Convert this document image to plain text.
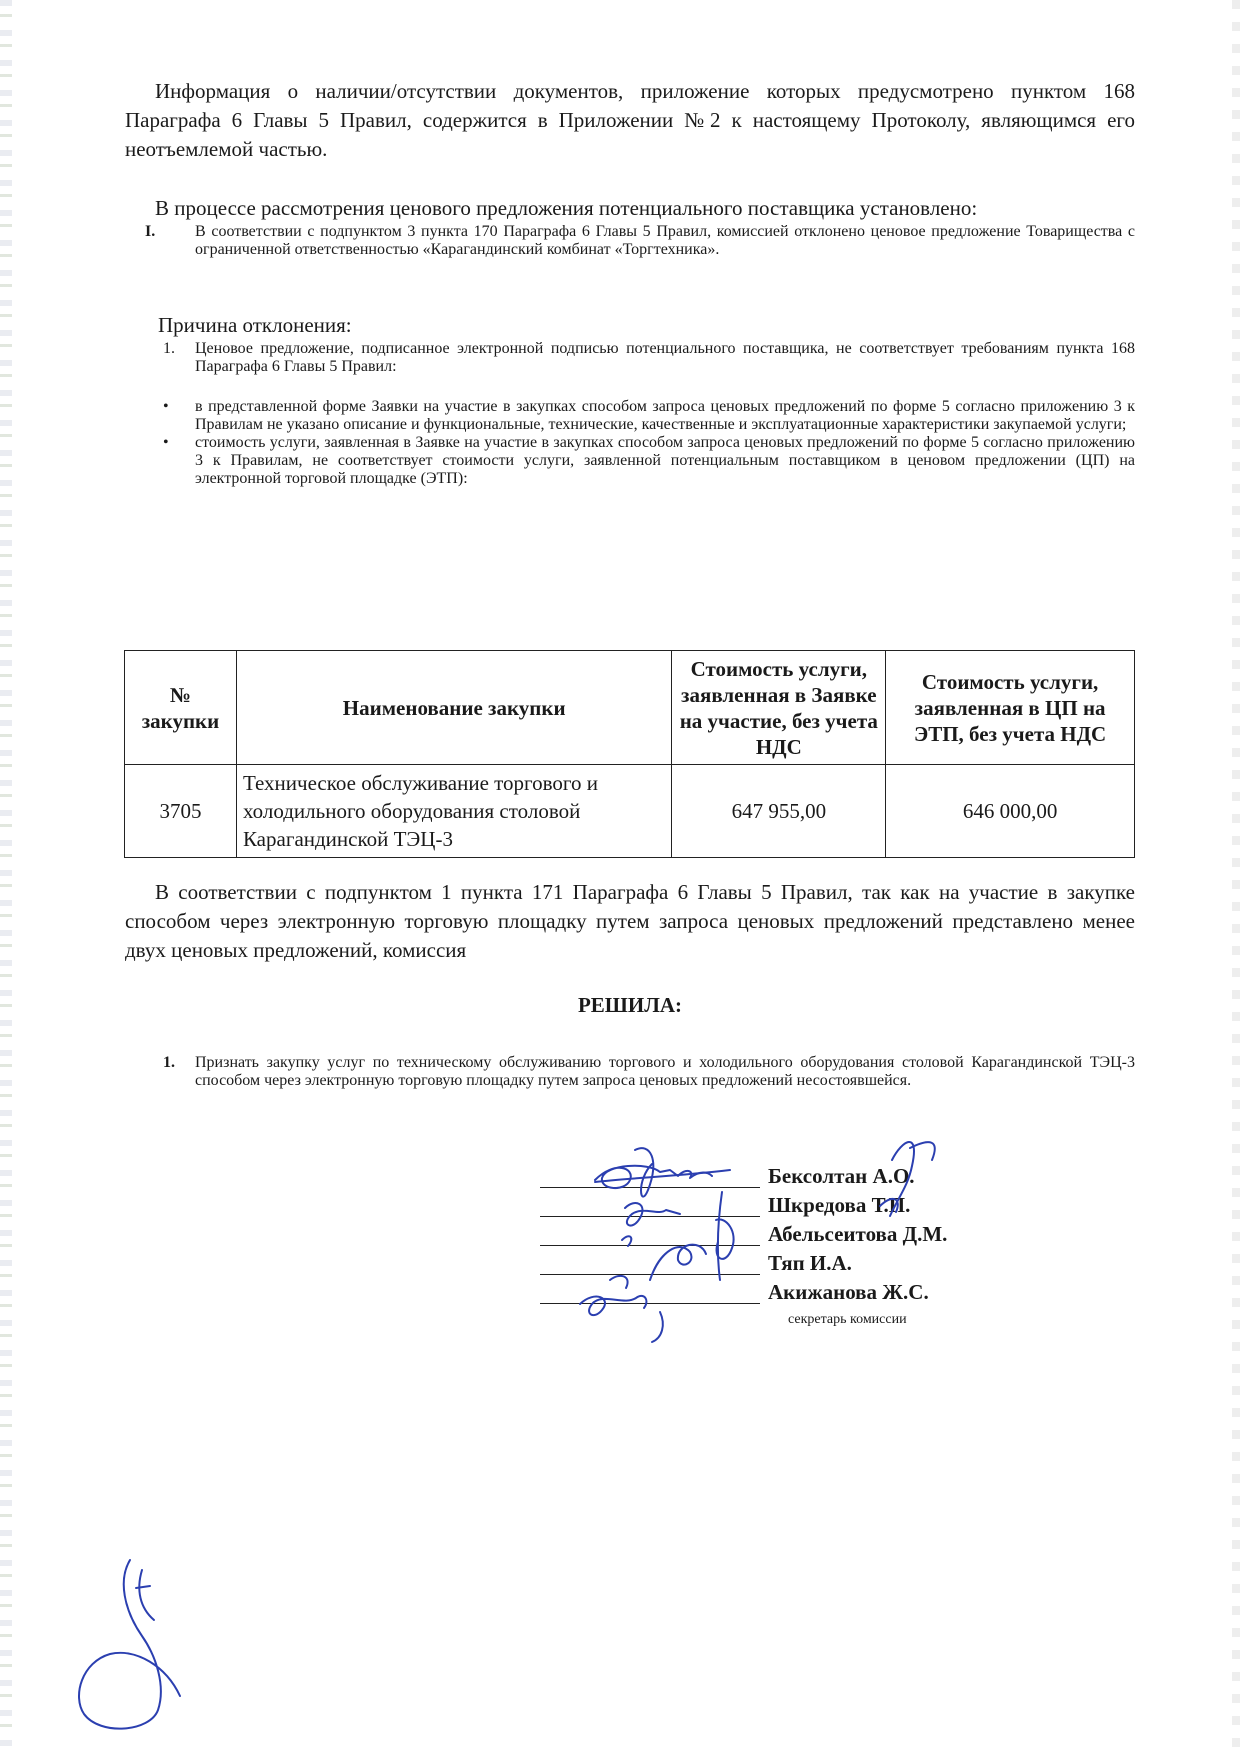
Информация о наличии/отсутствии документов, приложение которых предусмотрено пунктом 168 Параграфа 6 Главы 5 Правил, содержится в Приложении №2 к настоящему Протоколу, являющимся его неотъемлемой частью.

В процессе рассмотрения ценового предложения потенциального поставщика установлено:

I. В соответствии с подпунктом 3 пункта 170 Параграфа 6 Главы 5 Правил, комиссией отклонено ценовое предложение Товарищества с ограниченной ответственностью «Карагандинский комбинат «Торгтехника».

Причина отклонения:

1. Ценовое предложение, подписанное электронной подписью потенциального поставщика, не соответствует требованиям пункта 168 Параграфа 6 Главы 5 Правил:
• в представленной форме Заявки на участие в закупках способом запроса ценовых предложений по форме 5 согласно приложению 3 к Правилам не указано описание и функциональные, технические, качественные и эксплуатационные характеристики закупаемой услуги;
• стоимость услуги, заявленная в Заявке на участие в закупках способом запроса ценовых предложений по форме 5 согласно приложению 3 к Правилам, не соответствует стоимости услуги, заявленной потенциальным поставщиком в ценовом предложении (ЦП) на электронной торговой площадке (ЭТП):
№ закупки	Наименование закупки	Стоимость услуги, заявленная в Заявке на участие, без учета НДС	Стоимость услуги, заявленная в ЦП на ЭТП, без учета НДС
3705	Техническое обслуживание торгового и холодильного оборудования столовой Карагандинской ТЭЦ-3	647 955,00	646 000,00

В соответствии с подпунктом 1 пункта 171 Параграфа 6 Главы 5 Правил, так как на участие в закупке способом через электронную торговую площадку путем запроса ценовых предложений представлено менее двух ценовых предложений, комиссия

РЕШИЛА:
1. Признать закупку услуг по техническому обслуживанию торгового и холодильного оборудования столовой Карагандинской ТЭЦ-3 способом через электронную торговую площадку путем запроса ценовых предложений несостоявшейся.
Бексолтан А.О.
Шкредова Т.П.
Абельсеитова Д.М.
Тяп И.А.
Акижанова Ж.С.
секретарь комиссии
